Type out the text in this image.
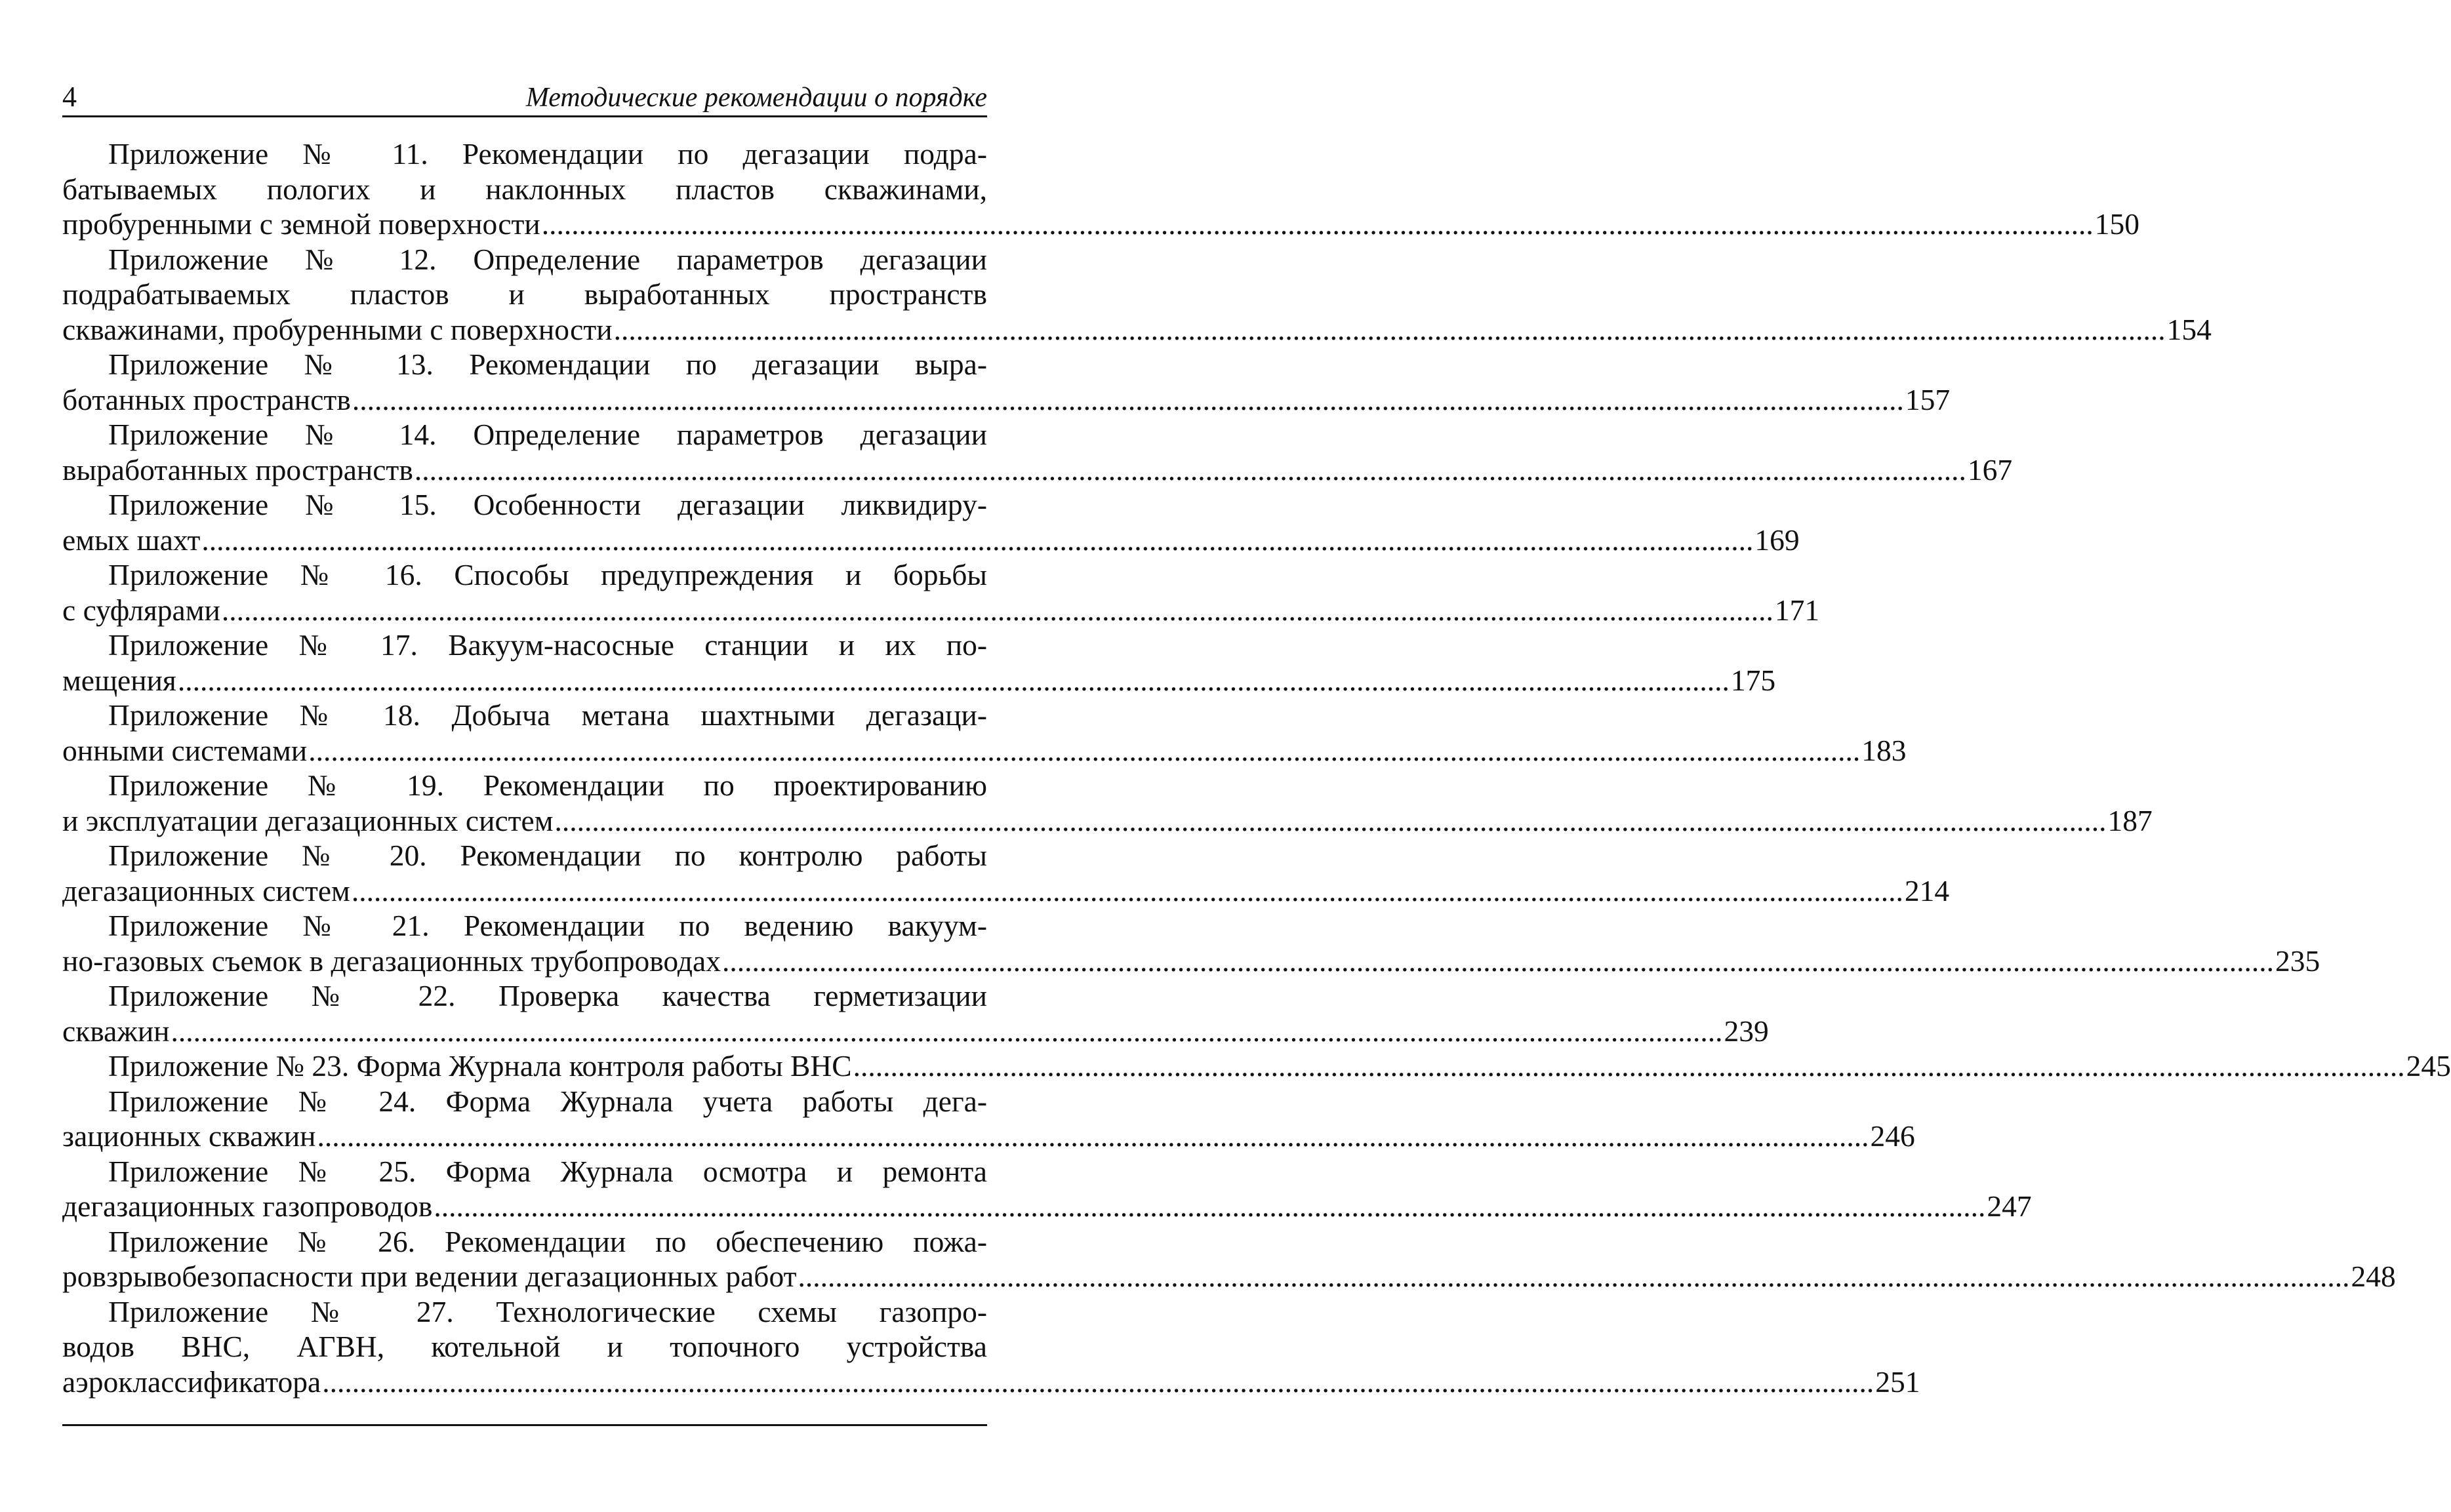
4	Методические рекомендации о порядке
Приложение № 11. Рекомендации по дегазации подра-
батываемых пологих и наклонных пластов скважинами,
пробуренными с земной поверхности ................................................................................................................................................................................................................ 150
Приложение № 12. Определение параметров дегазации
подрабатываемых пластов и выработанных пространств
скважинами, пробуренными с поверхности ................................................................................................................................................................................................................ 154
Приложение № 13. Рекомендации по дегазации выра-
ботанных пространств ................................................................................................................................................................................................................ 157
Приложение № 14. Определение параметров дегазации
выработанных пространств ................................................................................................................................................................................................................ 167
Приложение № 15. Особенности дегазации ликвидиру-
емых шахт ................................................................................................................................................................................................................ 169
Приложение № 16. Способы предупреждения и борьбы
с суфлярами ................................................................................................................................................................................................................ 171
Приложение № 17. Вакуум-насосные станции и их по-
мещения ................................................................................................................................................................................................................ 175
Приложение № 18. Добыча метана шахтными дегазаци-
онными системами ................................................................................................................................................................................................................ 183
Приложение № 19. Рекомендации по проектированию
и эксплуатации дегазационных систем ................................................................................................................................................................................................................ 187
Приложение № 20. Рекомендации по контролю работы
дегазационных систем ................................................................................................................................................................................................................ 214
Приложение № 21. Рекомендации по ведению вакуум-
но-газовых съемок в дегазационных трубопроводах ................................................................................................................................................................................................................ 235
Приложение № 22. Проверка качества герметизации
скважин ................................................................................................................................................................................................................ 239
Приложение № 23. Форма Журнала контроля работы ВНС ................................................................................................................................................................................................................ 245
Приложение № 24. Форма Журнала учета работы дега-
зационных скважин ................................................................................................................................................................................................................ 246
Приложение № 25. Форма Журнала осмотра и ремонта
дегазационных газопроводов ................................................................................................................................................................................................................ 247
Приложение № 26. Рекомендации по обеспечению пожа-
ровзрывобезопасности при ведении дегазационных работ ................................................................................................................................................................................................................ 248
Приложение № 27. Технологические схемы газопро-
водов ВНС, АГВН, котельной и топочного устройства
аэроклассификатора ................................................................................................................................................................................................................ 251
